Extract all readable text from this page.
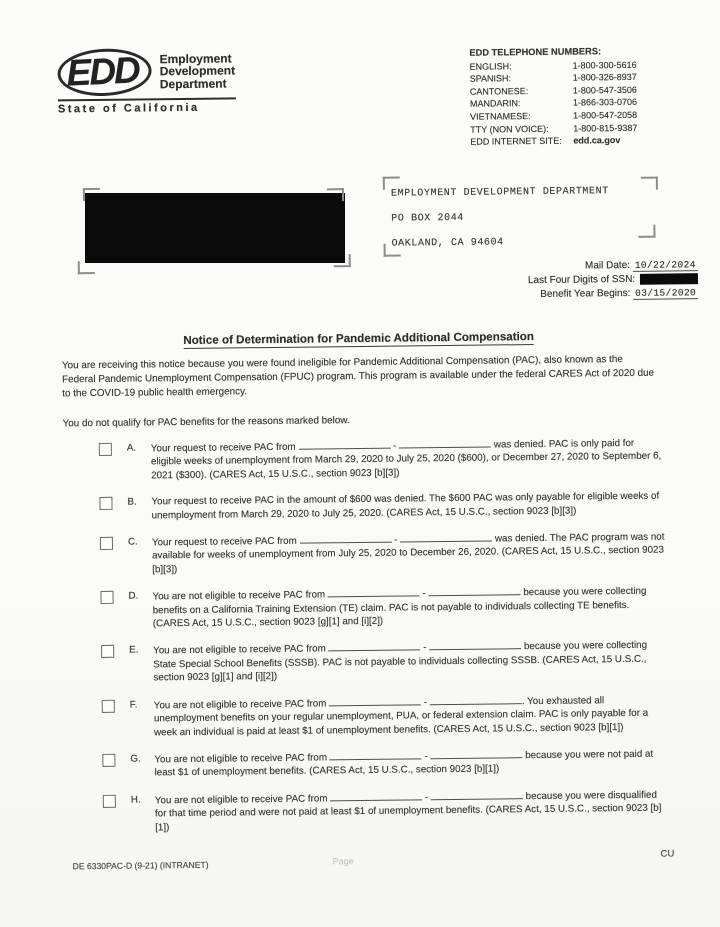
EDD	Employment
Development
Department
State of California
EDD TELEPHONE NUMBERS:
ENGLISH:	1-800-300-5616
SPANISH:	1-800-326-8937
CANTONESE:	1-800-547-3506
MANDARIN:	1-866-303-0706
VIETNAMESE:	1-800-547-2058
TTY (NON VOICE):	1-800-815-9387
EDD INTERNET SITE:	edd.ca.gov
EMPLOYMENT DEVELOPMENT DEPARTMENT
PO BOX 2044
OAKLAND, CA 94604
Mail Date: 10/22/2024
Last Four Digits of SSN:
Benefit Year Begins: 03/15/2020
Notice of Determination for Pandemic Additional Compensation
You are receiving this notice because you were found ineligible for Pandemic Additional Compensation (PAC), also known as the Federal Pandemic Unemployment Compensation (FPUC) program. This program is available under the federal CARES Act of 2020 due to the COVID-19 public health emergency.
You do not qualify for PAC benefits for the reasons marked below.
A.	Your request to receive PAC from	-	was denied. PAC is only paid for eligible weeks of unemployment from March 29, 2020 to July 25, 2020 ($600), or December 27, 2020 to September 6, 2021 ($300). (CARES Act, 15 U.S.C., section 9023 [b][3])
B.	Your request to receive PAC in the amount of $600 was denied. The $600 PAC was only payable for eligible weeks of unemployment from March 29, 2020 to July 25, 2020. (CARES Act, 15 U.S.C., section 9023 [b][3])
C.	Your request to receive PAC from	-	was denied. The PAC program was not available for weeks of unemployment from July 25, 2020 to December 26, 2020. (CARES Act, 15 U.S.C., section 9023 [b][3])
D.	You are not eligible to receive PAC from	-	because you were collecting benefits on a California Training Extension (TE) claim. PAC is not payable to individuals collecting TE benefits. (CARES Act, 15 U.S.C., section 9023 [g][1] and [i][2])
E.	You are not eligible to receive PAC from	-	because you were collecting State Special School Benefits (SSSB). PAC is not payable to individuals collecting SSSB. (CARES Act, 15 U.S.C., section 9023 [g][1] and [i][2])
F.	You are not eligible to receive PAC from	-	. You exhausted all unemployment benefits on your regular unemployment, PUA, or federal extension claim. PAC is only payable for a week an individual is paid at least $1 of unemployment benefits. (CARES Act, 15 U.S.C., section 9023 [b][1])
G.	You are not eligible to receive PAC from	-	because you were not paid at least $1 of unemployment benefits. (CARES Act, 15 U.S.C., section 9023 [b][1])
H.	You are not eligible to receive PAC from	-	because you were disqualified for that time period and were not paid at least $1 of unemployment benefits. (CARES Act, 15 U.S.C., section 9023 [b][1])
DE 6330PAC-D (9-21) (INTRANET)	Page
CU
